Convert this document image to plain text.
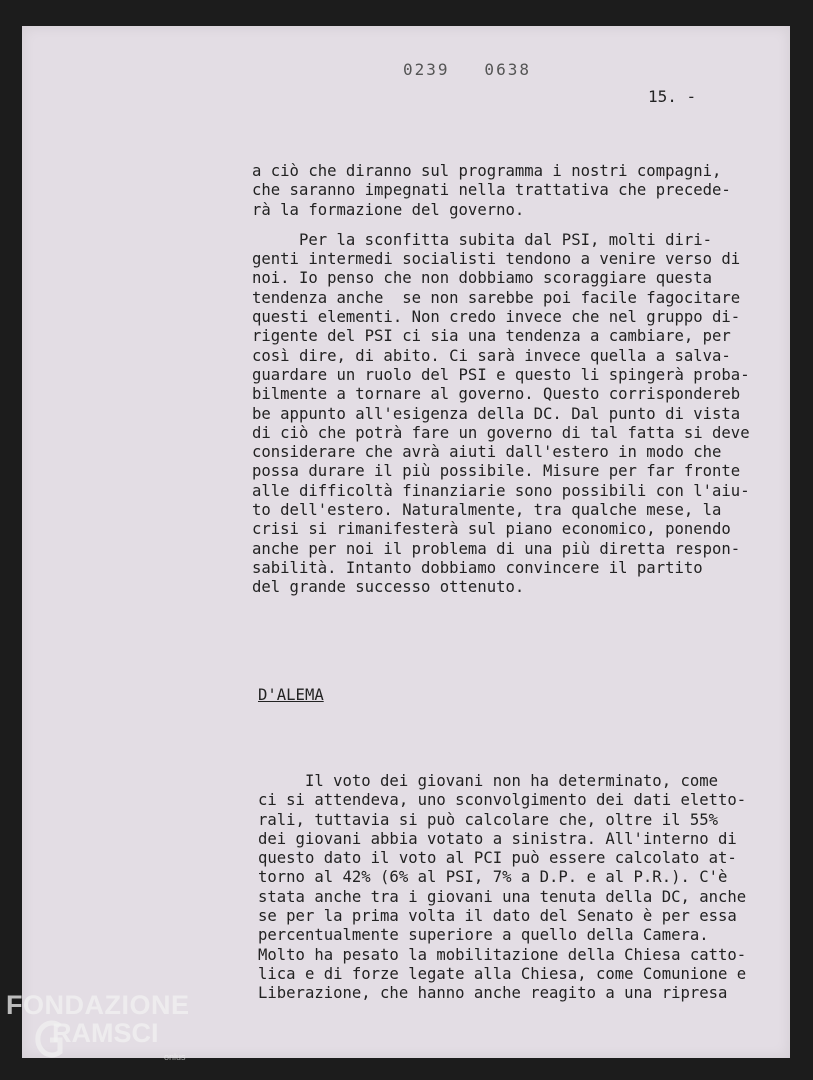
0239   0638
15. -
a ciò che diranno sul programma i nostri compagni,
che saranno impegnati nella trattativa che precede-
rà la formazione del governo.
Per la sconfitta subita dal PSI, molti diri-
genti intermedi socialisti tendono a venire verso di
noi. Io penso che non dobbiamo scoraggiare questa
tendenza anche  se non sarebbe poi facile fagocitare
questi elementi. Non credo invece che nel gruppo di-
rigente del PSI ci sia una tendenza a cambiare, per
così dire, di abito. Ci sarà invece quella a salva-
guardare un ruolo del PSI e questo li spingerà proba-
bilmente a tornare al governo. Questo corrisponde​reb
be appunto all'esigenza della DC. Dal punto di vista
di ciò che potrà fare un governo di tal fatta si deve
considerare che avrà aiuti dall'estero in modo che
possa durare il più possibile. Misure per far fronte
alle difficoltà finanziarie sono possibili con l'aiu-
to dell'estero. Naturalmente, tra qualche mese, la
crisi si rimanifesterà sul piano economico, ponendo
anche per noi il problema di una più diretta respon-
sabilità. Intanto dobbiamo convincere il partito
del grande successo ottenuto.
D'ALEMA
Il voto dei giovani non ha determinato, come
ci si attendeva, uno sconvolgimento dei dati eletto-
rali, tuttavia si può calcolare che, oltre il 55%
dei giovani abbia votato a sinistra. All'interno di
questo dato il voto al PCI può essere calcolato at-
torno al 42% (6% al PSI, 7% a D.P. e al P.R.). C'è
stata anche tra i giovani una tenuta della DC, anche
se per la prima volta il dato del Senato è per essa
percentualmente superiore a quello della Camera.
Molto ha pesato la mobilitazione della Chiesa catto-
lica e di forze legate alla Chiesa, come Comunione e
Liberazione, che hanno anche reagito a una ripresa
FONDAZIONE
RAMSCI
onlus
